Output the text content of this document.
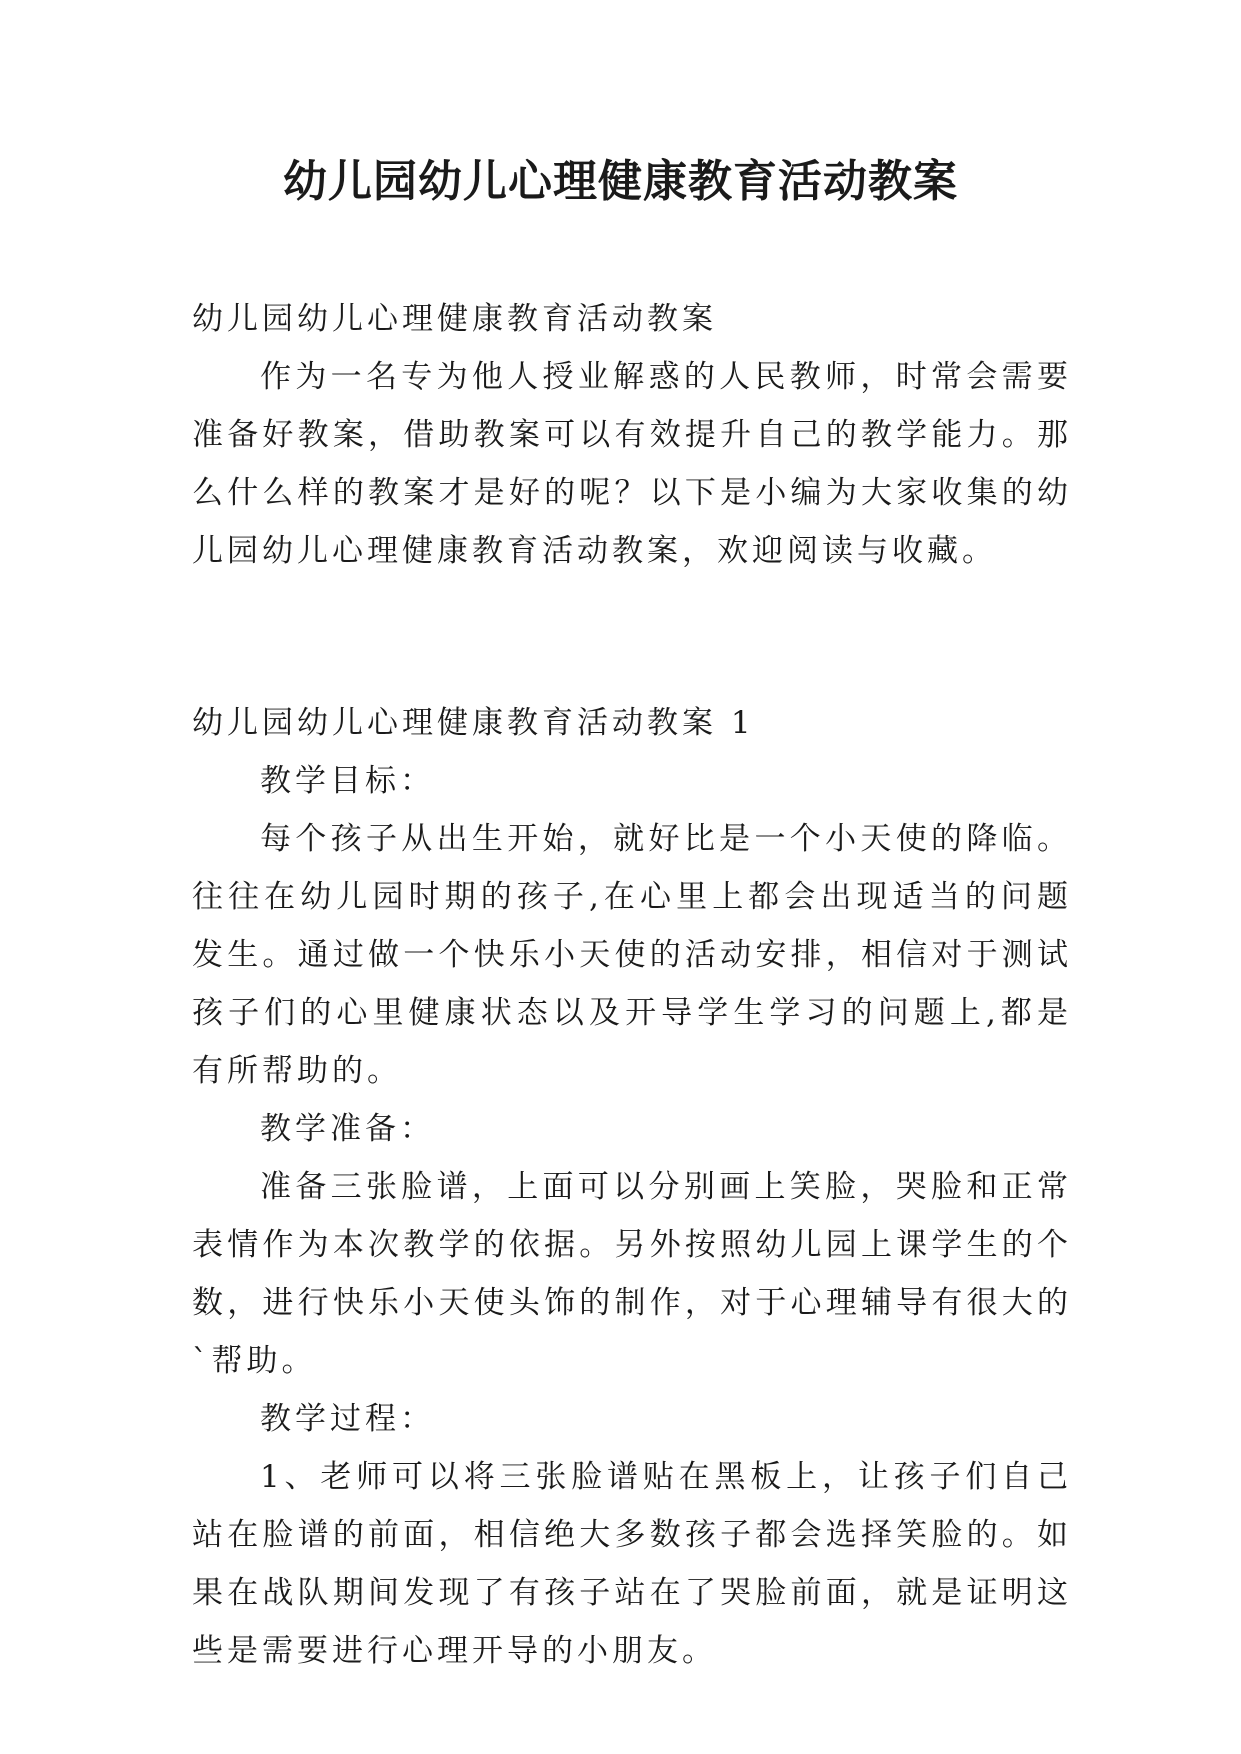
幼儿园幼儿心理健康教育活动教案

幼儿园幼儿心理健康教育活动教案

作为一名专为他人授业解惑的人民教师，时常会需要准备好教案，借助教案可以有效提升自己的教学能力。那么什么样的教案才是好的呢？以下是小编为大家收集的幼儿园幼儿心理健康教育活动教案，欢迎阅读与收藏。

幼儿园幼儿心理健康教育活动教案 1

教学目标：

每个孩子从出生开始，就好比是一个小天使的降临。往往在幼儿园时期的孩子,在心里上都会出现适当的问题发生。通过做一个快乐小天使的活动安排，相信对于测试孩子们的心里健康状态以及开导学生学习的问题上,都是有所帮助的。

教学准备：

准备三张脸谱，上面可以分别画上笑脸，哭脸和正常表情作为本次教学的依据。另外按照幼儿园上课学生的个数，进行快乐小天使头饰的制作，对于心理辅导有很大的`帮助。

教学过程：

1、老师可以将三张脸谱贴在黑板上，让孩子们自己站在脸谱的前面，相信绝大多数孩子都会选择笑脸的。如果在战队期间发现了有孩子站在了哭脸前面，就是证明这些是需要进行心理开导的小朋友。
